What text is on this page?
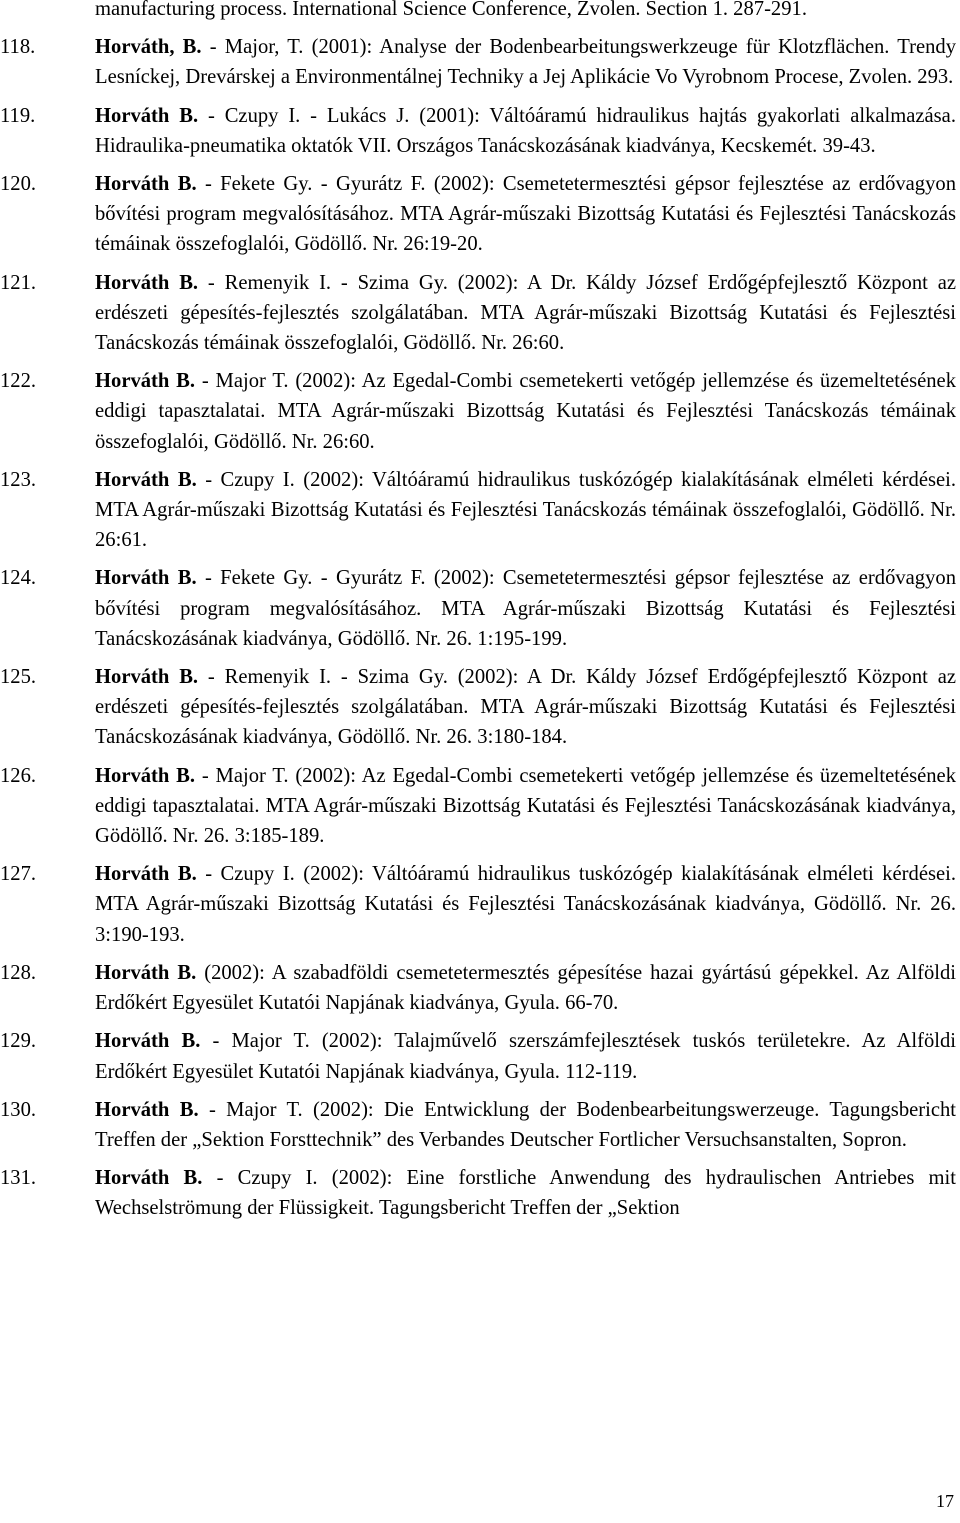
manufacturing process. International Science Conference, Zvolen. Section 1. 287-291.
118.	Horváth, B. - Major, T. (2001): Analyse der Bodenbearbeitungswerkzeuge für Klotzflächen. Trendy Lesníckej, Drevárskej a Environmentálnej Techniky a Jej Aplikácie Vo Vyrobnom Procese, Zvolen. 293.
119.	Horváth B. - Czupy I. - Lukács J. (2001): Váltóáramú hidraulikus hajtás gyakorlati alkalmazása. Hidraulika-pneumatika oktatók VII. Országos Tanácskozásának kiadványa, Kecskemét. 39-43.
120.	Horváth B. - Fekete Gy. - Gyurátz F. (2002): Csemetetermesztési gépsor fejlesztése az erdővagyon bővítési program megvalósításához. MTA Agrár-műszaki Bizottság Kutatási és Fejlesztési Tanácskozás témáinak összefoglalói, Gödöllő. Nr. 26:19-20.
121.	Horváth B. - Remenyik I. - Szima Gy. (2002): A Dr. Káldy József Erdőgépfejlesztő Központ az erdészeti gépesítés-fejlesztés szolgálatában. MTA Agrár-műszaki Bizottság Kutatási és Fejlesztési Tanácskozás témáinak összefoglalói, Gödöllő. Nr. 26:60.
122.	Horváth B. - Major T. (2002): Az Egedal-Combi csemetekerti vetőgép jellemzése és üzemeltetésének eddigi tapasztalatai. MTA Agrár-műszaki Bizottság Kutatási és Fejlesztési Tanácskozás témáinak összefoglalói, Gödöllő. Nr. 26:60.
123.	Horváth B. - Czupy I. (2002): Váltóáramú hidraulikus tuskózógép kialakításának elméleti kérdései. MTA Agrár-műszaki Bizottság Kutatási és Fejlesztési Tanácskozás témáinak összefoglalói, Gödöllő. Nr. 26:61.
124.	Horváth B. - Fekete Gy. - Gyurátz F. (2002): Csemetetermesztési gépsor fejlesztése az erdővagyon bővítési program megvalósításához. MTA Agrár-műszaki Bizottság Kutatási és Fejlesztési Tanácskozásának kiadványa, Gödöllő. Nr. 26. 1:195-199.
125.	Horváth B. - Remenyik I. - Szima Gy. (2002): A Dr. Káldy József Erdőgépfejlesztő Központ az erdészeti gépesítés-fejlesztés szolgálatában. MTA Agrár-műszaki Bizottság Kutatási és Fejlesztési Tanácskozásának kiadványa, Gödöllő. Nr. 26. 3:180-184.
126.	Horváth B. - Major T. (2002): Az Egedal-Combi csemetekerti vetőgép jellemzése és üzemeltetésének eddigi tapasztalatai. MTA Agrár-műszaki Bizottság Kutatási és Fejlesztési Tanácskozásának kiadványa, Gödöllő. Nr. 26. 3:185-189.
127.	Horváth B. - Czupy I. (2002): Váltóáramú hidraulikus tuskózógép kialakításának elméleti kérdései. MTA Agrár-műszaki Bizottság Kutatási és Fejlesztési Tanácskozásának kiadványa, Gödöllő. Nr. 26. 3:190-193.
128.	Horváth B. (2002): A szabadföldi csemetetermesztés gépesítése hazai gyártású gépekkel. Az Alföldi Erdőkért Egyesület Kutatói Napjának kiadványa, Gyula. 66-70.
129.	Horváth B. - Major T. (2002): Talajművelő szerszámfejlesztések tuskós területekre. Az Alföldi Erdőkért Egyesület Kutatói Napjának kiadványa, Gyula. 112-119.
130.	Horváth B. - Major T. (2002): Die Entwicklung der Bodenbearbeitungswerzeuge. Tagungsbericht Treffen der „Sektion Forsttechnik” des Verbandes Deutscher Fortlicher Versuchsanstalten, Sopron.
131.	Horváth B. - Czupy I. (2002): Eine forstliche Anwendung des hydraulischen Antriebes mit Wechselströmung der Flüssigkeit. Tagungsbericht Treffen der „Sektion
17
